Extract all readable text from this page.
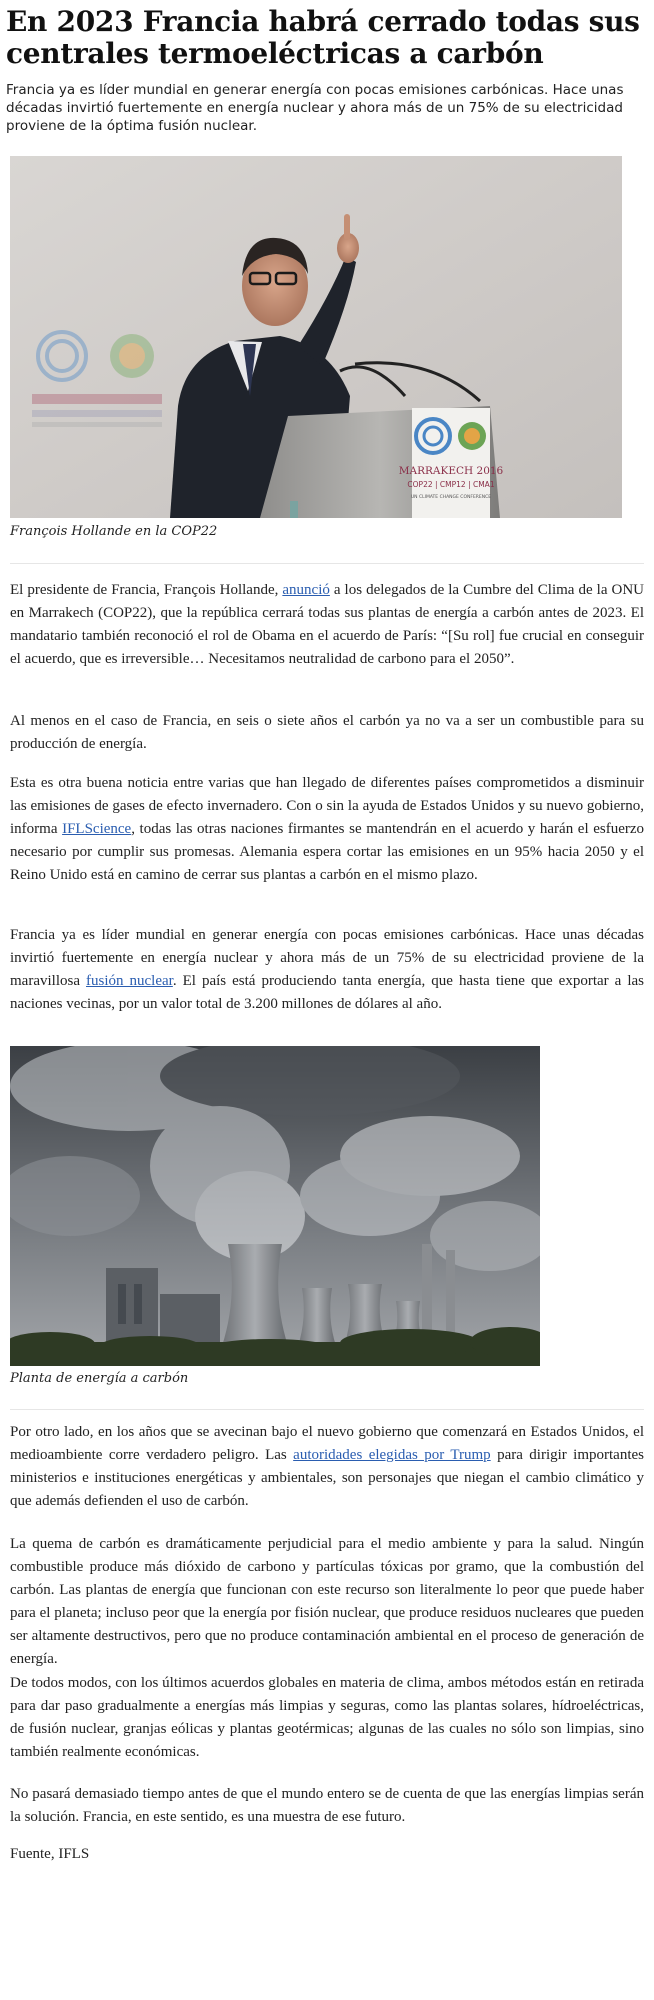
En 2023 Francia habrá cerrado todas sus centrales termoeléctricas a carbón

Francia ya es líder mundial en generar energía con pocas emisiones carbónicas. Hace unas décadas invirtió fuertemente en energía nuclear y ahora más de un 75% de su electricidad proviene de la óptima fusión nuclear.

MARRAKECH 2016
COP22 | CMP12 | CMA1
UN CLIMATE CHANGE CONFERENCE
François Hollande en la COP22

El presidente de Francia, François Hollande, anunció a los delegados de la Cumbre del Clima de la ONU en Marrakech (COP22), que la república cerrará todas sus plantas de energía a carbón antes de 2023. El mandatario también reconoció el rol de Obama en el acuerdo de París: “[Su rol] fue crucial en conseguir el acuerdo, que es irreversible… Necesitamos neutralidad de carbono para el 2050”.

Al menos en el caso de Francia, en seis o siete años el carbón ya no va a ser un combustible para su producción de energía.

Esta es otra buena noticia entre varias que han llegado de diferentes países comprometidos a disminuir las emisiones de gases de efecto invernadero. Con o sin la ayuda de Estados Unidos y su nuevo gobierno, informa IFLScience, todas las otras naciones firmantes se mantendrán en el acuerdo y harán el esfuerzo necesario por cumplir sus promesas. Alemania espera cortar las emisiones en un 95% hacia 2050 y el Reino Unido está en camino de cerrar sus plantas a carbón en el mismo plazo.

Francia ya es líder mundial en generar energía con pocas emisiones carbónicas. Hace unas décadas invirtió fuertemente en energía nuclear y ahora más de un 75% de su electricidad proviene de la maravillosa fusión nuclear. El país está produciendo tanta energía, que hasta tiene que exportar a las naciones vecinas, por un valor total de 3.200 millones de dólares al año.

Planta de energía a carbón

Por otro lado, en los años que se avecinan bajo el nuevo gobierno que comenzará en Estados Unidos, el medioambiente corre verdadero peligro. Las autoridades elegidas por Trump para dirigir importantes ministerios e instituciones energéticas y ambientales, son personajes que niegan el cambio climático y que además defienden el uso de carbón.

La quema de carbón es dramáticamente perjudicial para el medio ambiente y para la salud. Ningún combustible produce más dióxido de carbono y partículas tóxicas por gramo, que la combustión del carbón. Las plantas de energía que funcionan con este recurso son literalmente lo peor que puede haber para el planeta; incluso peor que la energía por fisión nuclear, que produce residuos nucleares que pueden ser altamente destructivos, pero que no produce contaminación ambiental en el proceso de generación de energía.

De todos modos, con los últimos acuerdos globales en materia de clima, ambos métodos están en retirada para dar paso gradualmente a energías más limpias y seguras, como las plantas solares, hídroeléctricas, de fusión nuclear, granjas eólicas y plantas geotérmicas; algunas de las cuales no sólo son limpias, sino también realmente económicas.

No pasará demasiado tiempo antes de que el mundo entero se de cuenta de que las energías limpias serán la solución. Francia, en este sentido, es una muestra de ese futuro.

Fuente, IFLS
